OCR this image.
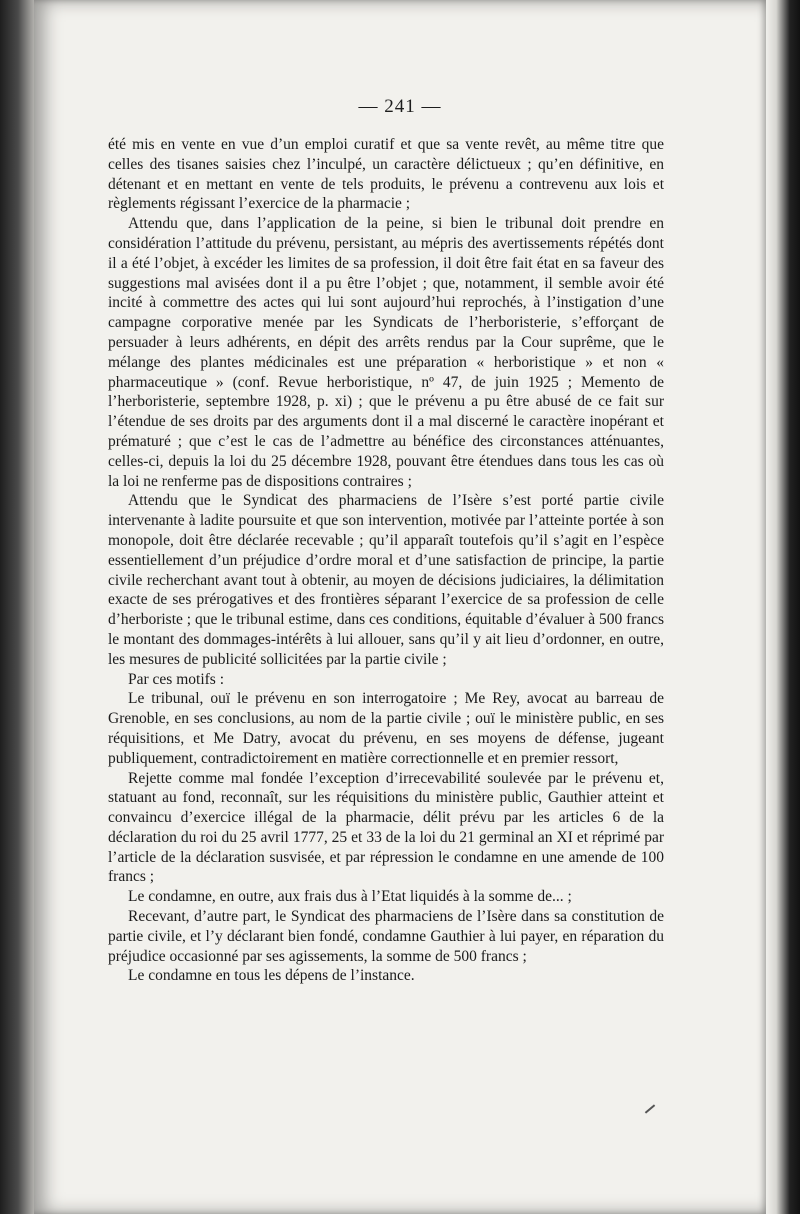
— 241 —

été mis en vente en vue d’un emploi curatif et que sa vente revêt, au même titre que celles des tisanes saisies chez l’inculpé, un caractère délictueux ; qu’en définitive, en détenant et en mettant en vente de tels produits, le prévenu a contrevenu aux lois et règlements régissant l’exercice de la pharmacie ;

Attendu que, dans l’application de la peine, si bien le tribunal doit prendre en considération l’attitude du prévenu, persistant, au mépris des avertissements répétés dont il a été l’objet, à excéder les limites de sa profession, il doit être fait état en sa faveur des suggestions mal avisées dont il a pu être l’objet ; que, notamment, il semble avoir été incité à commettre des actes qui lui sont aujourd’hui reprochés, à l’instigation d’une campagne corporative menée par les Syndicats de l’herboristerie, s’efforçant de persuader à leurs adhérents, en dépit des arrêts rendus par la Cour suprême, que le mélange des plantes médicinales est une préparation « herboristique » et non « pharmaceutique » (conf. Revue herboristique, nº 47, de juin 1925 ; Memento de l’herboristerie, septembre 1928, p. xi) ; que le prévenu a pu être abusé de ce fait sur l’étendue de ses droits par des arguments dont il a mal discerné le caractère inopérant et prématuré ; que c’est le cas de l’admettre au bénéfice des circonstances atténuantes, celles-ci, depuis la loi du 25 décembre 1928, pouvant être étendues dans tous les cas où la loi ne renferme pas de dispositions contraires ;

Attendu que le Syndicat des pharmaciens de l’Isère s’est porté partie civile intervenante à ladite poursuite et que son intervention, motivée par l’atteinte portée à son monopole, doit être déclarée recevable ; qu’il apparaît toutefois qu’il s’agit en l’espèce essentiellement d’un préjudice d’ordre moral et d’une satisfaction de principe, la partie civile recherchant avant tout à obtenir, au moyen de décisions judiciaires, la délimitation exacte de ses prérogatives et des frontières séparant l’exercice de sa profession de celle d’herboriste ; que le tribunal estime, dans ces conditions, équitable d’évaluer à 500 francs le montant des dommages-intérêts à lui allouer, sans qu’il y ait lieu d’ordonner, en outre, les mesures de publicité sollicitées par la partie civile ;

Par ces motifs :

Le tribunal, ouï le prévenu en son interrogatoire ; Me Rey, avocat au barreau de Grenoble, en ses conclusions, au nom de la partie civile ; ouï le ministère public, en ses réquisitions, et Me Datry, avocat du prévenu, en ses moyens de défense, jugeant publiquement, contradictoirement en matière correctionnelle et en premier ressort,

Rejette comme mal fondée l’exception d’irrecevabilité soulevée par le prévenu et, statuant au fond, reconnaît, sur les réquisitions du ministère public, Gauthier atteint et convaincu d’exercice illégal de la pharmacie, délit prévu par les articles 6 de la déclaration du roi du 25 avril 1777, 25 et 33 de la loi du 21 germinal an XI et réprimé par l’article de la déclaration susvisée, et par répression le condamne en une amende de 100 francs ;

Le condamne, en outre, aux frais dus à l’Etat liquidés à la somme de... ;

Recevant, d’autre part, le Syndicat des pharmaciens de l’Isère dans sa constitution de partie civile, et l’y déclarant bien fondé, condamne Gauthier à lui payer, en réparation du préjudice occasionné par ses agissements, la somme de 500 francs ;

Le condamne en tous les dépens de l’instance.
